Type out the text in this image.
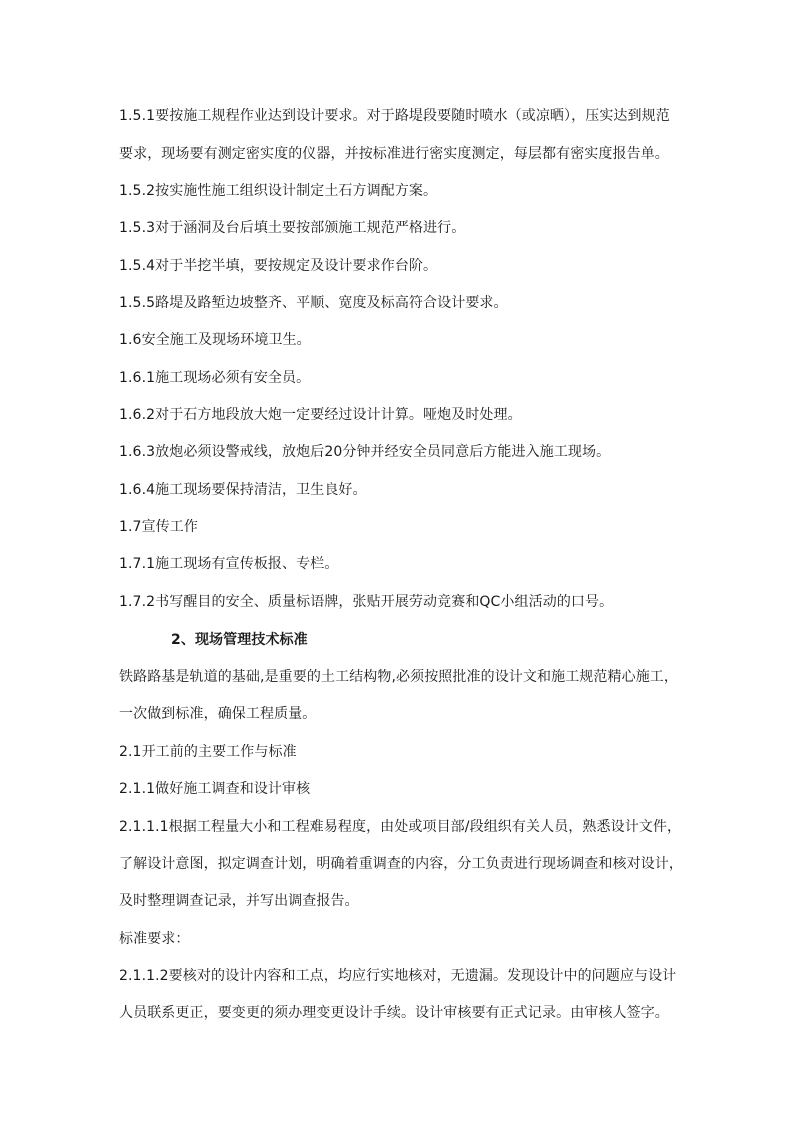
1.5.1要按施工规程作业达到设计要求。对于路堤段要随时喷水（或凉晒），压实达到规范
要求，现场要有测定密实度的仪器，并按标准进行密实度测定，每层都有密实度报告单。
1.5.2按实施性施工组织设计制定土石方调配方案。
1.5.3对于涵洞及台后填土要按部颁施工规范严格进行。
1.5.4对于半挖半填，要按规定及设计要求作台阶。
1.5.5路堤及路堑边坡整齐、平顺、宽度及标高符合设计要求。
1.6安全施工及现场环境卫生。
1.6.1施工现场必须有安全员。
1.6.2对于石方地段放大炮一定要经过设计计算。哑炮及时处理。
1.6.3放炮必须设警戒线，放炮后20分钟并经安全员同意后方能进入施工现场。
1.6.4施工现场要保持清洁，卫生良好。
1.7宣传工作
1.7.1施工现场有宣传板报、专栏。
1.7.2书写醒目的安全、质量标语牌，张贴开展劳动竞赛和QC小组活动的口号。
2、现场管理技术标准
铁路路基是轨道的基础,是重要的土工结构物,必须按照批准的设计文和施工规范精心施工，
一次做到标准，确保工程质量。
2.1开工前的主要工作与标准
2.1.1做好施工调查和设计审核
2.1.1.1根据工程量大小和工程难易程度，由处或项目部/段组织有关人员，熟悉设计文件，
了解设计意图，拟定调查计划，明确着重调查的内容，分工负责进行现场调查和核对设计，
及时整理调查记录，并写出调查报告。
标准要求：
2.1.1.2要核对的设计内容和工点，均应行实地核对，无遗漏。发现设计中的问题应与设计
人员联系更正，要变更的须办理变更设计手续。设计审核要有正式记录。由审核人签字。
